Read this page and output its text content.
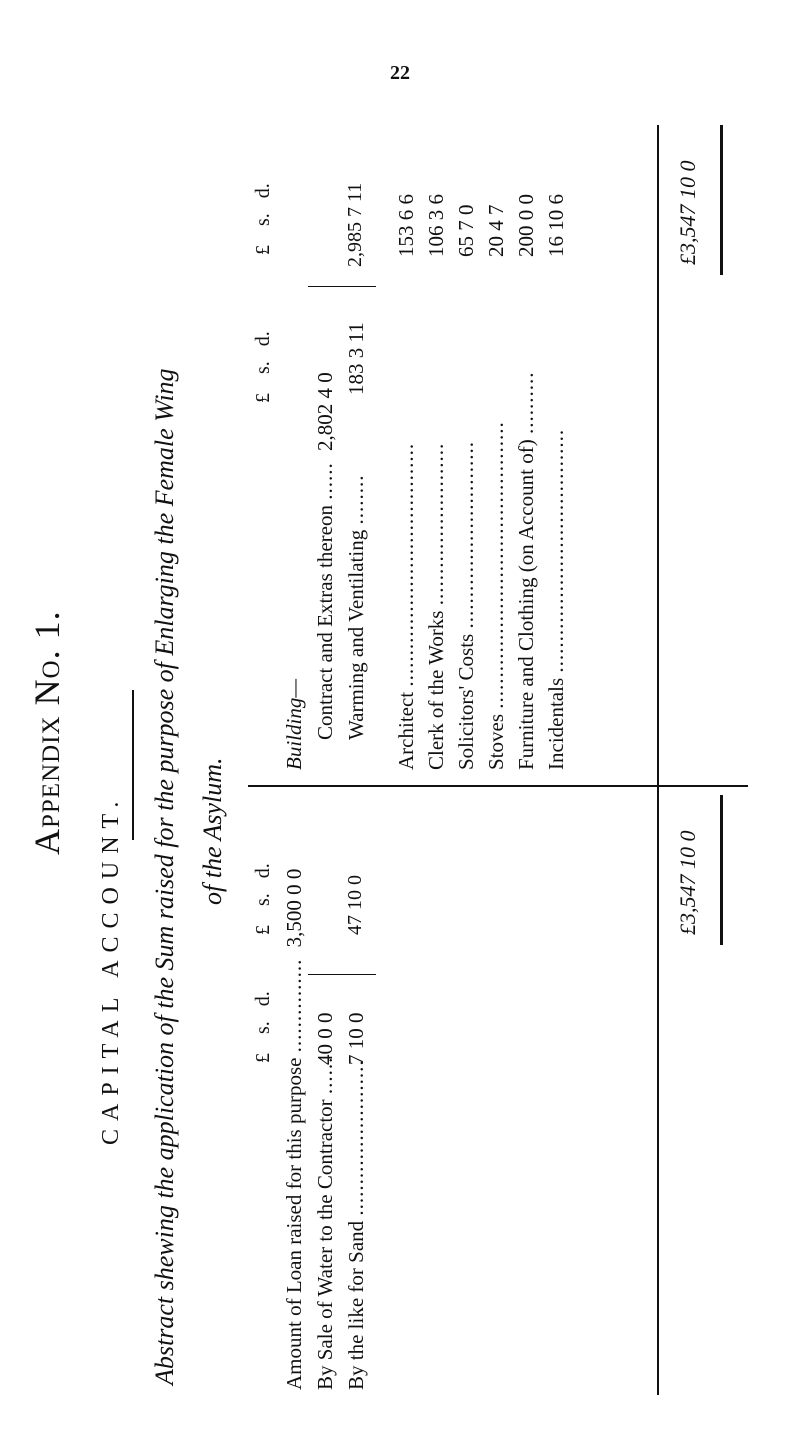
22
Appendix No. 1.
CAPITAL ACCOUNT. Abstract shewing the application of the Sum raised for the purpose of Enlarging the Female Wing of the Asylum.
£ s. d.
£ s. d.
Amount of Loan raised for this purpose ............... 3,500 0 0
By Sale of Water to the Contractor ......
40 0 0
By the like for Sand .........................
7 10 0
47 10 0
£ s. d.
£ s. d.
Building— Contract and Extras thereon ...... 2,802 4 0
Warming and Ventilating ........
183 3 11
2,985 7 11
Architect .......................................
153 6 6
Clerk of the Works ..........................
106 3 6
Solicitors' Costs ..............................
65 7 0
Stoves ..............................................
20 4 7
Furniture and Clothing (on Account of) ..........
200 0 0
Incidentals .......................................
16 10 6
£3,547 10 0
£3,547 10 0
